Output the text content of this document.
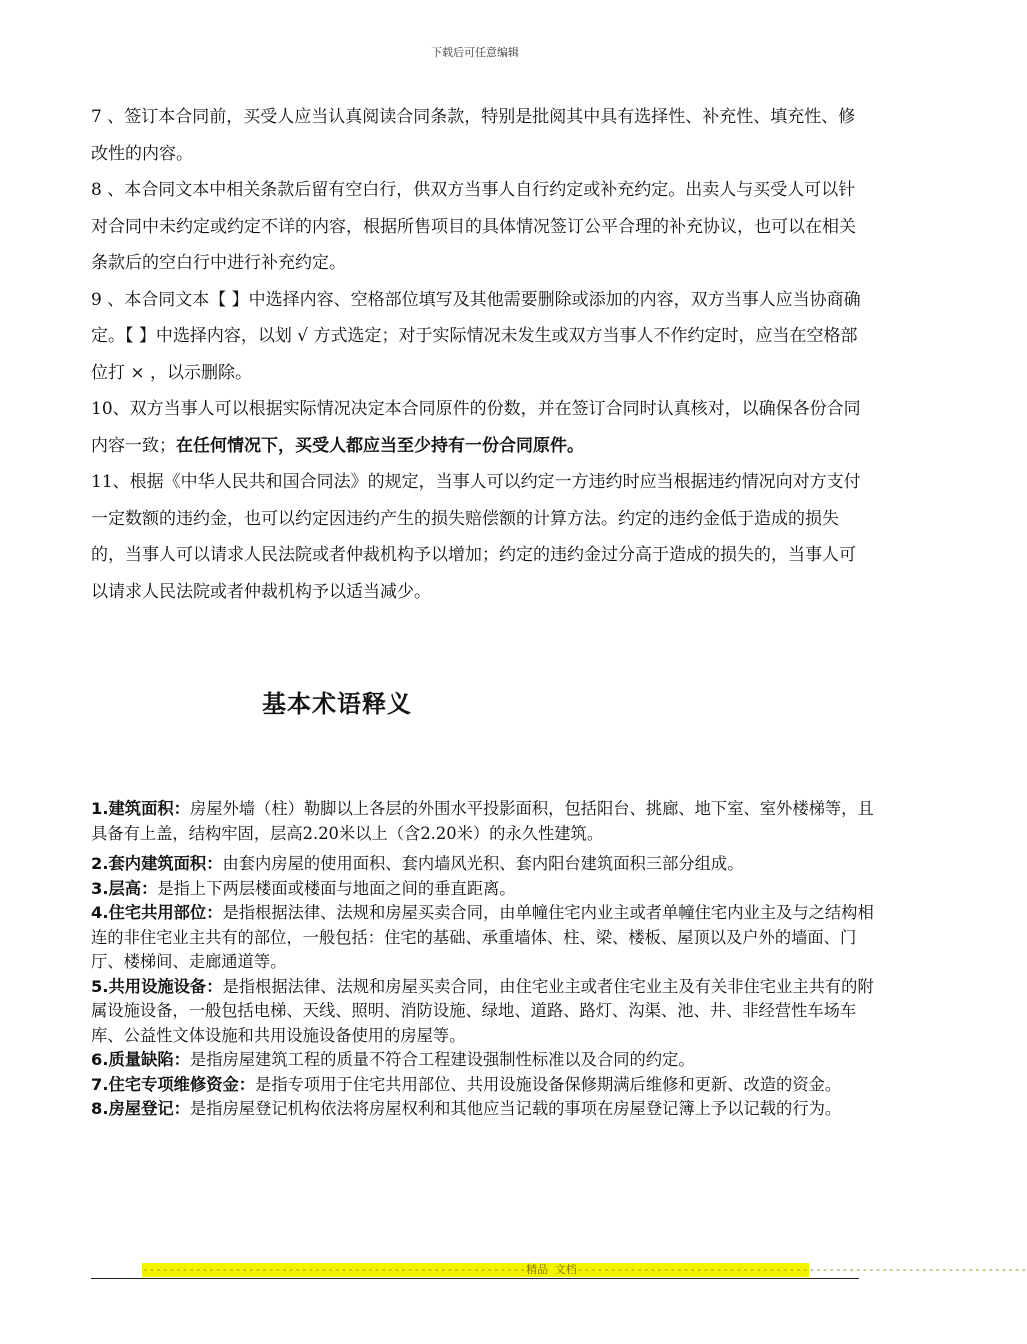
下载后可任意编辑

7 、签订本合同前，买受人应当认真阅读合同条款，特别是批阅其中具有选择性、补充性、填充性、修改性的内容。

8 、本合同文本中相关条款后留有空白行，供双方当事人自行约定或补充约定。出卖人与买受人可以针对合同中未约定或约定不详的内容，根据所售项目的具体情况签订公平合理的补充协议，也可以在相关条款后的空白行中进行补充约定。

9 、本合同文本【 】中选择内容、空格部位填写及其他需要删除或添加的内容，双方当事人应当协商确定。【 】中选择内容，以划 √ 方式选定；对于实际情况未发生或双方当事人不作约定时，应当在空格部位打 × ，以示删除。

10、双方当事人可以根据实际情况决定本合同原件的份数，并在签订合同时认真核对，以确保各份合同内容一致；在任何情况下，买受人都应当至少持有一份合同原件。

11、根据《中华人民共和国合同法》的规定，当事人可以约定一方违约时应当根据违约情况向对方支付一定数额的违约金，也可以约定因违约产生的损失赔偿额的计算方法。约定的违约金低于造成的损失的，当事人可以请求人民法院或者仲裁机构予以增加；约定的违约金过分高于造成的损失的，当事人可以请求人民法院或者仲裁机构予以适当减少。

基本术语释义

1.建筑面积：房屋外墙（柱）勒脚以上各层的外围水平投影面积，包括阳台、挑廊、地下室、室外楼梯等，且具备有上盖，结构牢固，层高2.20米以上（含2.20米）的永久性建筑。

2.套内建筑面积：由套内房屋的使用面积、套内墙风光积、套内阳台建筑面积三部分组成。

3.层高：是指上下两层楼面或楼面与地面之间的垂直距离。

4.住宅共用部位：是指根据法律、法规和房屋买卖合同，由单幢住宅内业主或者单幢住宅内业主及与之结构相连的非住宅业主共有的部位，一般包括：住宅的基础、承重墙体、柱、梁、楼板、屋顶以及户外的墙面、门厅、楼梯间、走廊通道等。

5.共用设施设备：是指根据法律、法规和房屋买卖合同，由住宅业主或者住宅业主及有关非住宅业主共有的附属设施设备，一般包括电梯、天线、照明、消防设施、绿地、道路、路灯、沟渠、池、井、非经营性车场车库、公益性文体设施和共用设施设备使用的房屋等。

6.质量缺陷：是指房屋建筑工程的质量不符合工程建设强制性标准以及合同的约定。

7.住宅专项维修资金：是指专项用于住宅共用部位、共用设施设备保修期满后维修和更新、改造的资金。

8.房屋登记：是指房屋登记机构依法将房屋权利和其他应当记载的事项在房屋登记簿上予以记载的行为。

----------------------------------------------------------精品 文档--------------------------------------------------------------------
